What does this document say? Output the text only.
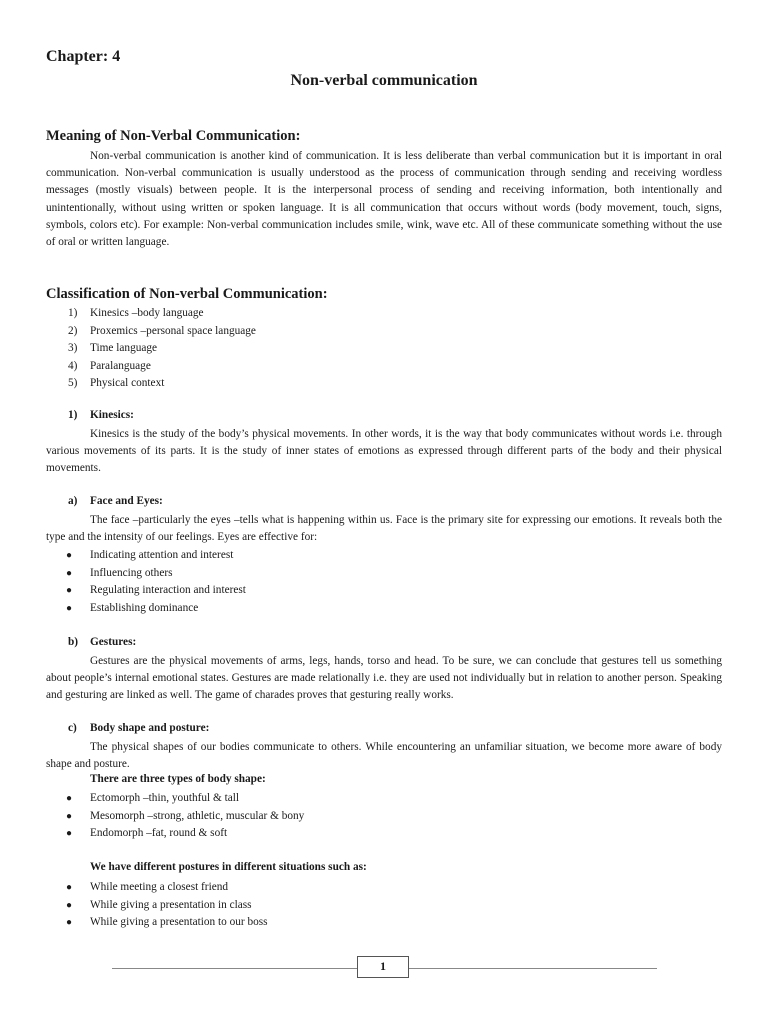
Chapter: 4
Non-verbal communication
Meaning of Non-Verbal Communication:
Non-verbal communication is another kind of communication. It is less deliberate than verbal communication but it is important in oral communication. Non-verbal communication is usually understood as the process of communication through sending and receiving wordless messages (mostly visuals) between people. It is the interpersonal process of sending and receiving information, both intentionally and unintentionally, without using written or spoken language. It is all communication that occurs without words (body movement, touch, signs, symbols, colors etc). For example: Non-verbal communication includes smile, wink, wave etc. All of these communicate something without the use of oral or written language.
Classification of Non-verbal Communication:
1) Kinesics –body language
2) Proxemics –personal space language
3) Time language
4) Paralanguage
5) Physical context
1) Kinesics:
Kinesics is the study of the body’s physical movements. In other words, it is the way that body communicates without words i.e. through various movements of its parts. It is the study of inner states of emotions as expressed through different parts of the body and their physical movements.
a) Face and Eyes:
The face –particularly the eyes –tells what is happening within us. Face is the primary site for expressing our emotions. It reveals both the type and the intensity of our feelings. Eyes are effective for:
● Indicating attention and interest
● Influencing others
● Regulating interaction and interest
● Establishing dominance
b) Gestures:
Gestures are the physical movements of arms, legs, hands, torso and head. To be sure, we can conclude that gestures tell us something about people’s internal emotional states. Gestures are made relationally i.e. they are used not individually but in relation to another person. Speaking and gesturing are linked as well. The game of charades proves that gesturing really works.
c) Body shape and posture:
The physical shapes of our bodies communicate to others. While encountering an unfamiliar situation, we become more aware of body shape and posture.
There are three types of body shape:
● Ectomorph –thin, youthful & tall
● Mesomorph –strong, athletic, muscular & bony
● Endomorph –fat, round & soft
We have different postures in different situations such as:
● While meeting a closest friend
● While giving a presentation in class
● While giving a presentation to our boss
1
